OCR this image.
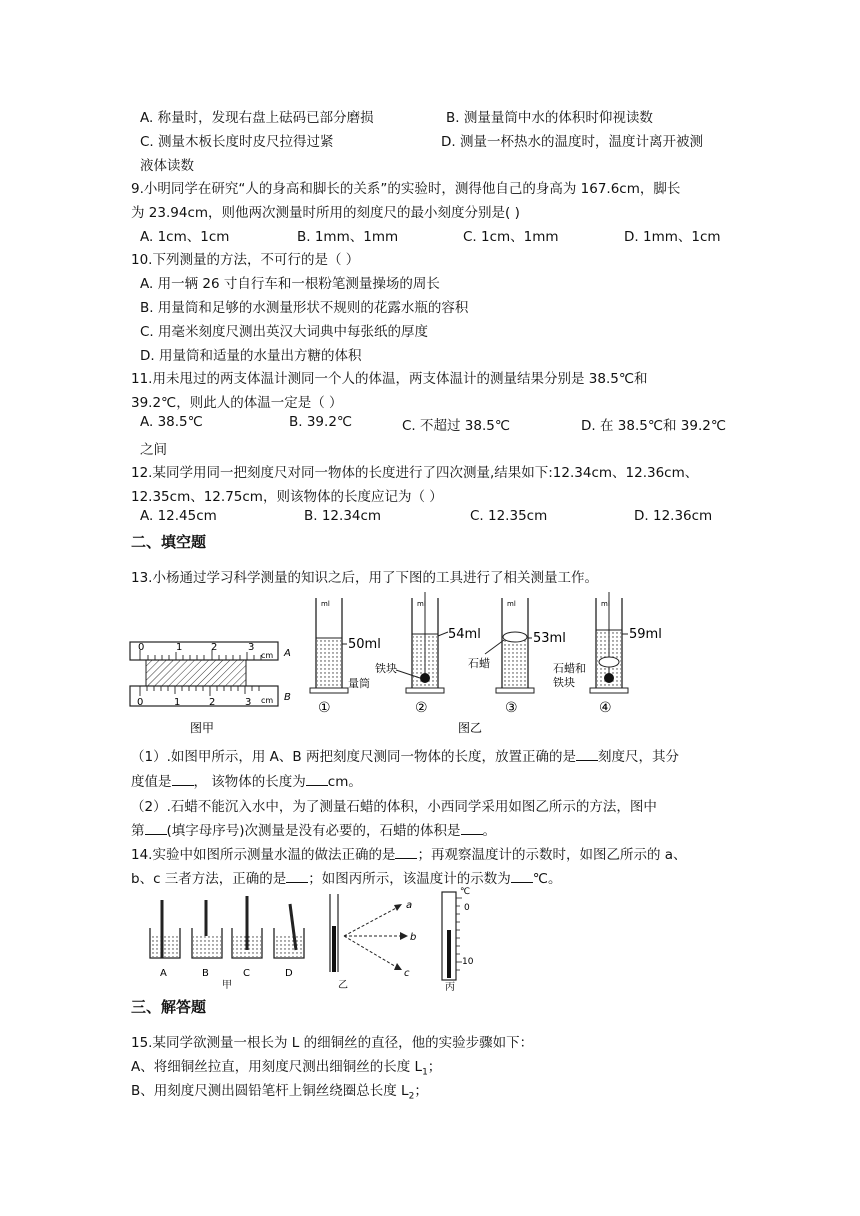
A. 称量时，发现右盘上砝码已部分磨损	B. 测量量筒中水的体积时仰视读数
C. 测量木板长度时皮尺拉得过紧	D. 测量一杯热水的温度时，温度计离开被测
液体读数
9.小明同学在研究“人的身高和脚长的关系”的实验时，测得他自己的身高为 167.6cm，脚长
为 23.94cm，则他两次测量时所用的刻度尺的最小刻度分别是( )
A. 1cm、1cm	B. 1mm、1mm	C. 1cm、1mm	D. 1mm、1cm
10.下列测量的方法，不可行的是（ ）
A. 用一辆 26 寸自行车和一根粉笔测量操场的周长
B. 用量筒和足够的水测量形状不规则的花露水瓶的容积
C. 用毫米刻度尺测出英汉大词典中每张纸的厚度
D. 用量筒和适量的水量出方糖的体积
11.用未甩过的两支体温计测同一个人的体温，两支体温计的测量结果分别是 38.5℃和
39.2℃，则此人的体温一定是（ ）
A. 38.5℃	B. 39.2℃	C. 不超过 38.5℃	D. 在 38.5℃和 39.2℃
之间
12.某同学用同一把刻度尺对同一物体的长度进行了四次测量,结果如下:12.34cm、12.36cm、
12.35cm、12.75cm，则该物体的长度应记为（ ）
A. 12.45cm	B. 12.34cm	C. 12.35cm	D. 12.36cm
二、填空题
13.小杨通过学习科学测量的知识之后，用了下图的工具进行了相关测量工作。
0	1	2	3
cm A
0	1	2	3 cm B
图甲
ml
50ml
量筒
①
ml
54ml
铁块
②
ml
53ml
石蜡
③
ml
59ml
石蜡和
铁块
④
图乙
（1）.如图甲所示，用 A、B 两把刻度尺测同一物体的长度，放置正确的是 刻度尺，其分
度值是 ， 该物体的长度为 cm。
（2）.石蜡不能沉入水中，为了测量石蜡的体积，小西同学采用如图乙所示的方法，图中
第 (填字母序号)次测量是没有必要的，石蜡的体积是 。
14.实验中如图所示测量水温的做法正确的是 ；再观察温度计的示数时，如图乙所示的 a、
b、c 三者方法，正确的是 ；如图丙所示，该温度计的示数为 ℃。
A	B	C	D
甲
a
b
c
乙
℃
0
10
丙
三、解答题
15.某同学欲测量一根长为 L 的细铜丝的直径，他的实验步骤如下：
A、将细铜丝拉直，用刻度尺测出细铜丝的长度 $L_1$；
B、用刻度尺测出圆铅笔杆上铜丝绕圈总长度 $L_2$；
